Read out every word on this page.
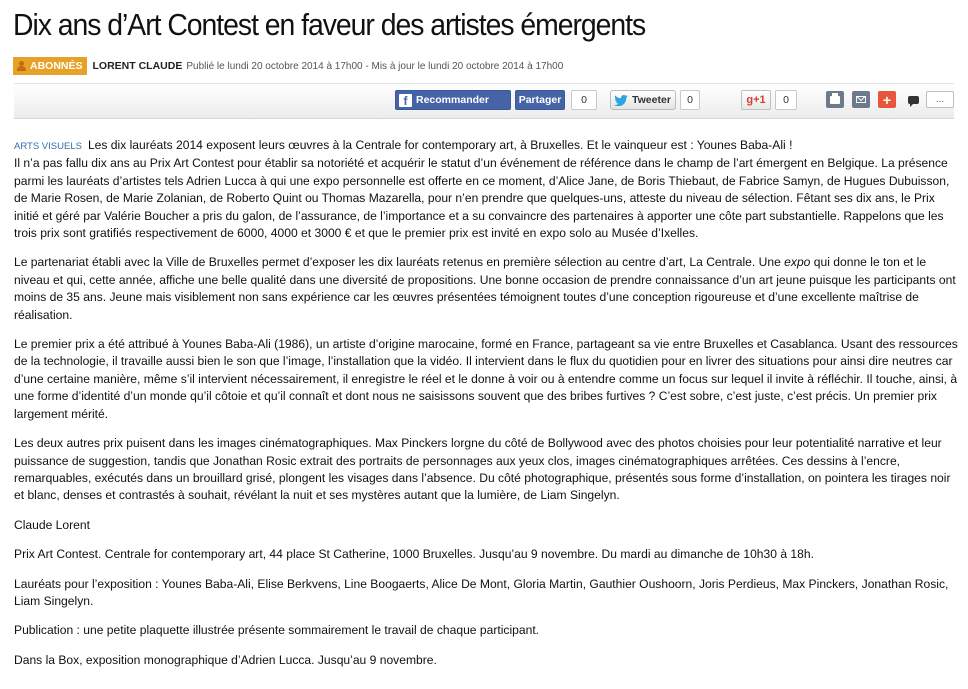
Dix ans d’Art Contest en faveur des artistes émergents
ABONNÉS LORENT CLAUDE Publié le lundi 20 octobre 2014 à 17h00 - Mis à jour le lundi 20 octobre 2014 à 17h00
f Recommander	Partager	0	Tweeter	0	g+1	0	+	...

ARTS VISUELS Les dix lauréats 2014 exposent leurs œuvres à la Centrale for contemporary art, à Bruxelles. Et le vainqueur est : Younes Baba-Ali !
Il n’a pas fallu dix ans au Prix Art Contest pour établir sa notoriété et acquérir le statut d’un événement de référence dans le champ de l’art émergent en Belgique. La présence parmi les lauréats d’artistes tels Adrien Lucca à qui une expo personnelle est offerte en ce moment, d’Alice Jane, de Boris Thiebaut, de Fabrice Samyn, de Hugues Dubuisson, de Marie Rosen, de Marie Zolanian, de Roberto Quint ou Thomas Mazarella, pour n’en prendre que quelques-uns, atteste du niveau de sélection. Fêtant ses dix ans, le Prix initié et géré par Valérie Boucher a pris du galon, de l’assurance, de l’importance et a su convaincre des partenaires à apporter une côte part substantielle. Rappelons que les trois prix sont gratifiés respectivement de 6000, 4000 et 3000 € et que le premier prix est invité en expo solo au Musée d’Ixelles.

Le partenariat établi avec la Ville de Bruxelles permet d’exposer les dix lauréats retenus en première sélection au centre d’art, La Centrale. Une expo qui donne le ton et le niveau et qui, cette année, affiche une belle qualité dans une diversité de propositions. Une bonne occasion de prendre connaissance d’un art jeune puisque les participants ont moins de 35 ans. Jeune mais visiblement non sans expérience car les œuvres présentées témoignent toutes d’une conception rigoureuse et d’une excellente maîtrise de réalisation.

Le premier prix a été attribué à Younes Baba-Ali (1986), un artiste d’origine marocaine, formé en France, partageant sa vie entre Bruxelles et Casablanca. Usant des ressources de la technologie, il travaille aussi bien le son que l’image, l’installation que la vidéo. Il intervient dans le flux du quotidien pour en livrer des situations pour ainsi dire neutres car d’une certaine manière, même s’il intervient nécessairement, il enregistre le réel et le donne à voir ou à entendre comme un focus sur lequel il invite à réfléchir. Il touche, ainsi, à une forme d’identité d’un monde qu’il côtoie et qu’il connaît et dont nous ne saisissons souvent que des bribes furtives ? C’est sobre, c’est juste, c’est précis. Un premier prix largement mérité.

Les deux autres prix puisent dans les images cinématographiques. Max Pinckers lorgne du côté de Bollywood avec des photos choisies pour leur potentialité narrative et leur puissance de suggestion, tandis que Jonathan Rosic extrait des portraits de personnages aux yeux clos, images cinématographiques arrêtées. Ces dessins à l’encre, remarquables, exécutés dans un brouillard grisé, plongent les visages dans l’absence. Du côté photographique, présentés sous forme d’installation, on pointera les tirages noir et blanc, denses et contrastés à souhait, révélant la nuit et ses mystères autant que la lumière, de Liam Singelyn.

Claude Lorent

Prix Art Contest. Centrale for contemporary art, 44 place St Catherine, 1000 Bruxelles. Jusqu’au 9 novembre. Du mardi au dimanche de 10h30 à 18h.

Lauréats pour l’exposition : Younes Baba-Ali, Elise Berkvens, Line Boogaerts, Alice De Mont, Gloria Martin, Gauthier Oushoorn, Joris Perdieus, Max Pinckers, Jonathan Rosic, Liam Singelyn.

Publication : une petite plaquette illustrée présente sommairement le travail de chaque participant.

Dans la Box, exposition monographique d’Adrien Lucca. Jusqu’au 9 novembre.
